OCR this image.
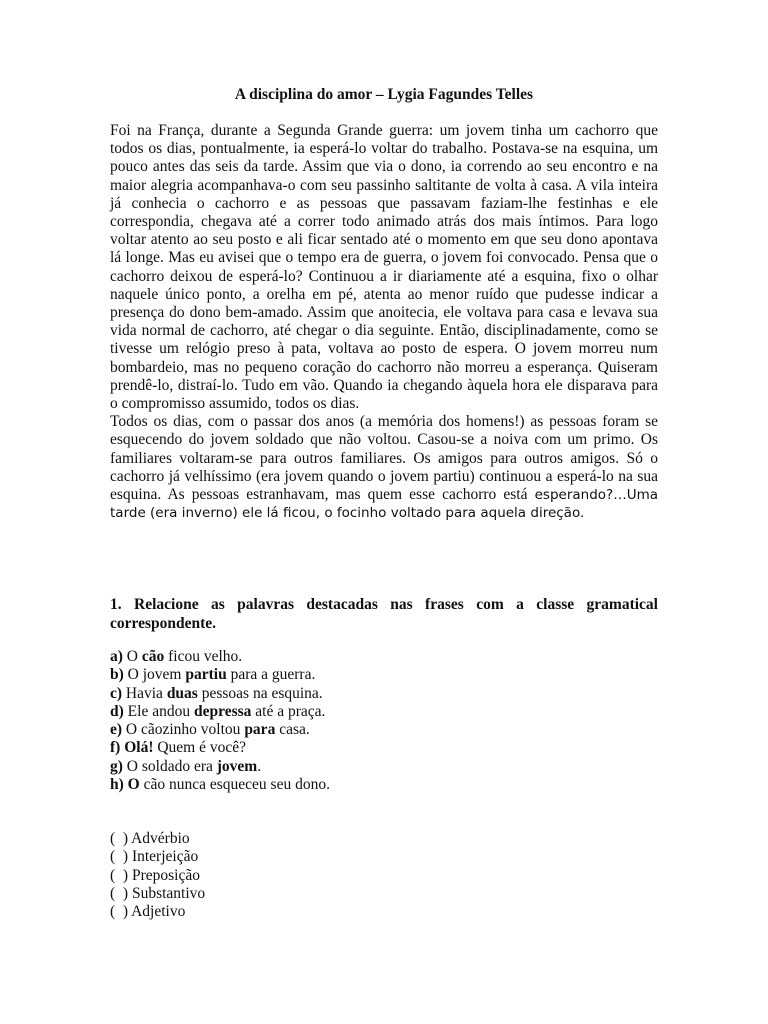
A disciplina do amor – Lygia Fagundes Telles

Foi na França, durante a Segunda Grande guerra: um jovem tinha um cachorro que todos os dias, pontualmente, ia esperá-lo voltar do trabalho. Postava-se na esquina, um pouco antes das seis da tarde. Assim que via o dono, ia correndo ao seu encontro e na maior alegria acompanhava-o com seu passinho saltitante de volta à casa. A vila inteira já conhecia o cachorro e as pessoas que passavam faziam-lhe festinhas e ele correspondia, chegava até a correr todo animado atrás dos mais íntimos. Para logo voltar atento ao seu posto e ali ficar sentado até o momento em que seu dono apontava lá longe. Mas eu avisei que o tempo era de guerra, o jovem foi convocado. Pensa que o cachorro deixou de esperá-lo? Continuou a ir diariamente até a esquina, fixo o olhar naquele único ponto, a orelha em pé, atenta ao menor ruído que pudesse indicar a presença do dono bem-amado. Assim que anoitecia, ele voltava para casa e levava sua vida normal de cachorro, até chegar o dia seguinte. Então, disciplinadamente, como se tivesse um relógio preso à pata, voltava ao posto de espera. O jovem morreu num bombardeio, mas no pequeno coração do cachorro não morreu a esperança. Quiseram prendê-lo, distraí-lo. Tudo em vão. Quando ia chegando àquela hora ele disparava para o compromisso assumido, todos os dias.

Todos os dias, com o passar dos anos (a memória dos homens!) as pessoas foram se esquecendo do jovem soldado que não voltou. Casou-se a noiva com um primo. Os familiares voltaram-se para outros familiares. Os amigos para outros amigos. Só o cachorro já velhíssimo (era jovem quando o jovem partiu) continuou a esperá-lo na sua esquina. As pessoas estranhavam, mas quem esse cachorro está esperando?…Uma tarde (era inverno) ele lá ficou, o focinho voltado para aquela direção.

1. Relacione as palavras destacadas nas frases com a classe gramatical correspondente.

a) O cão ficou velho.
b) O jovem partiu para a guerra.
c) Havia duas pessoas na esquina.
d) Ele andou depressa até a praça.
e) O cãozinho voltou para casa.
f) Olá! Quem é você?
g) O soldado era jovem.
h) O cão nunca esqueceu seu dono.
(  ) Advérbio
(  ) Interjeição
(  ) Preposição
(  ) Substantivo
(  ) Adjetivo
